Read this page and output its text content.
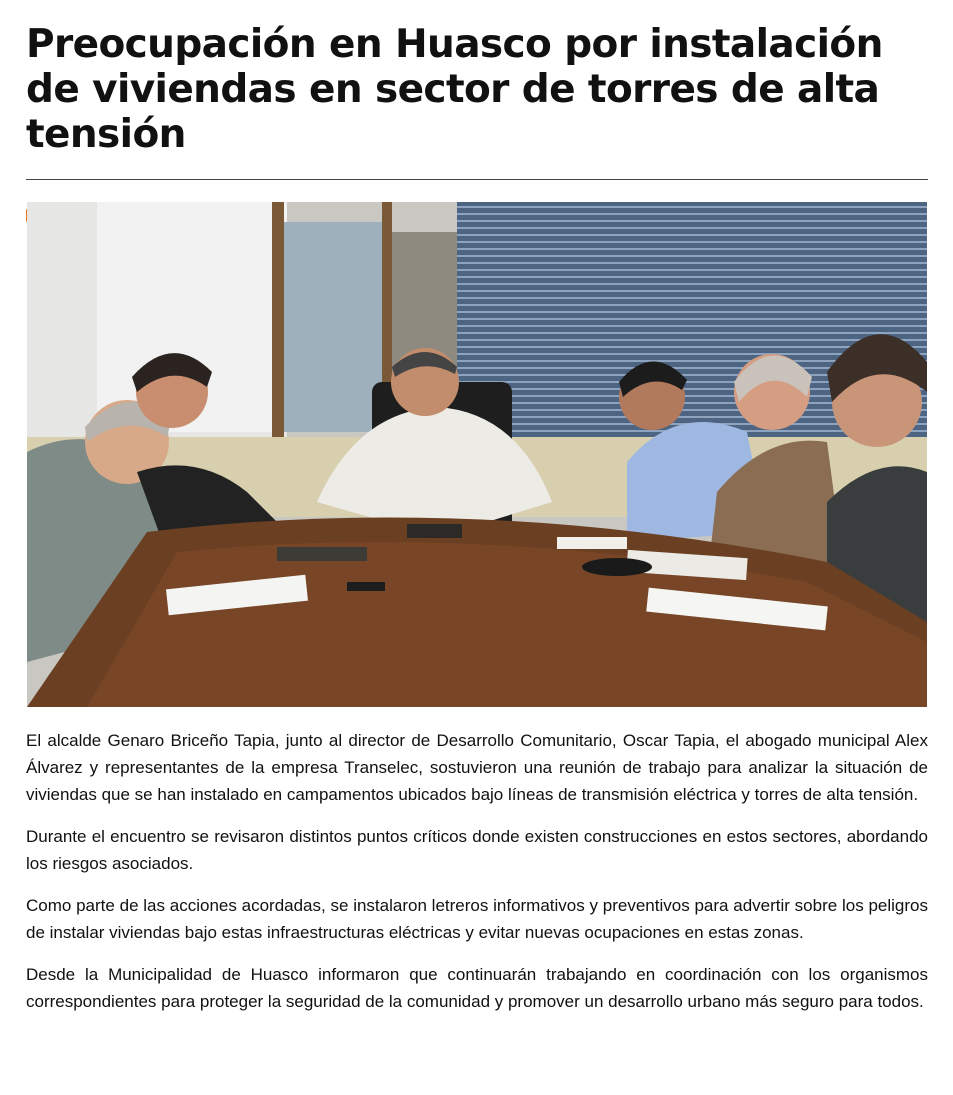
Preocupación en Huasco por instalación de viviendas en sector de torres de alta tensión

El alcalde Genaro Briceño Tapia, junto al director de Desarrollo Comunitario, Oscar Tapia, el abogado municipal Alex Álvarez y representantes de la empresa Transelec, sostuvieron una reunión de trabajo para analizar la situación de viviendas que se han instalado en campamentos ubicados bajo líneas de transmisión eléctrica y torres de alta tensión.

Durante el encuentro se revisaron distintos puntos críticos donde existen construcciones en estos sectores, abordando los riesgos asociados.

Como parte de las acciones acordadas, se instalaron letreros informativos y preventivos para advertir sobre los peligros de instalar viviendas bajo estas infraestructuras eléctricas y evitar nuevas ocupaciones en estas zonas.

Desde la Municipalidad de Huasco informaron que continuarán trabajando en coordinación con los organismos correspondientes para proteger la seguridad de la comunidad y promover un desarrollo urbano más seguro para todos.
